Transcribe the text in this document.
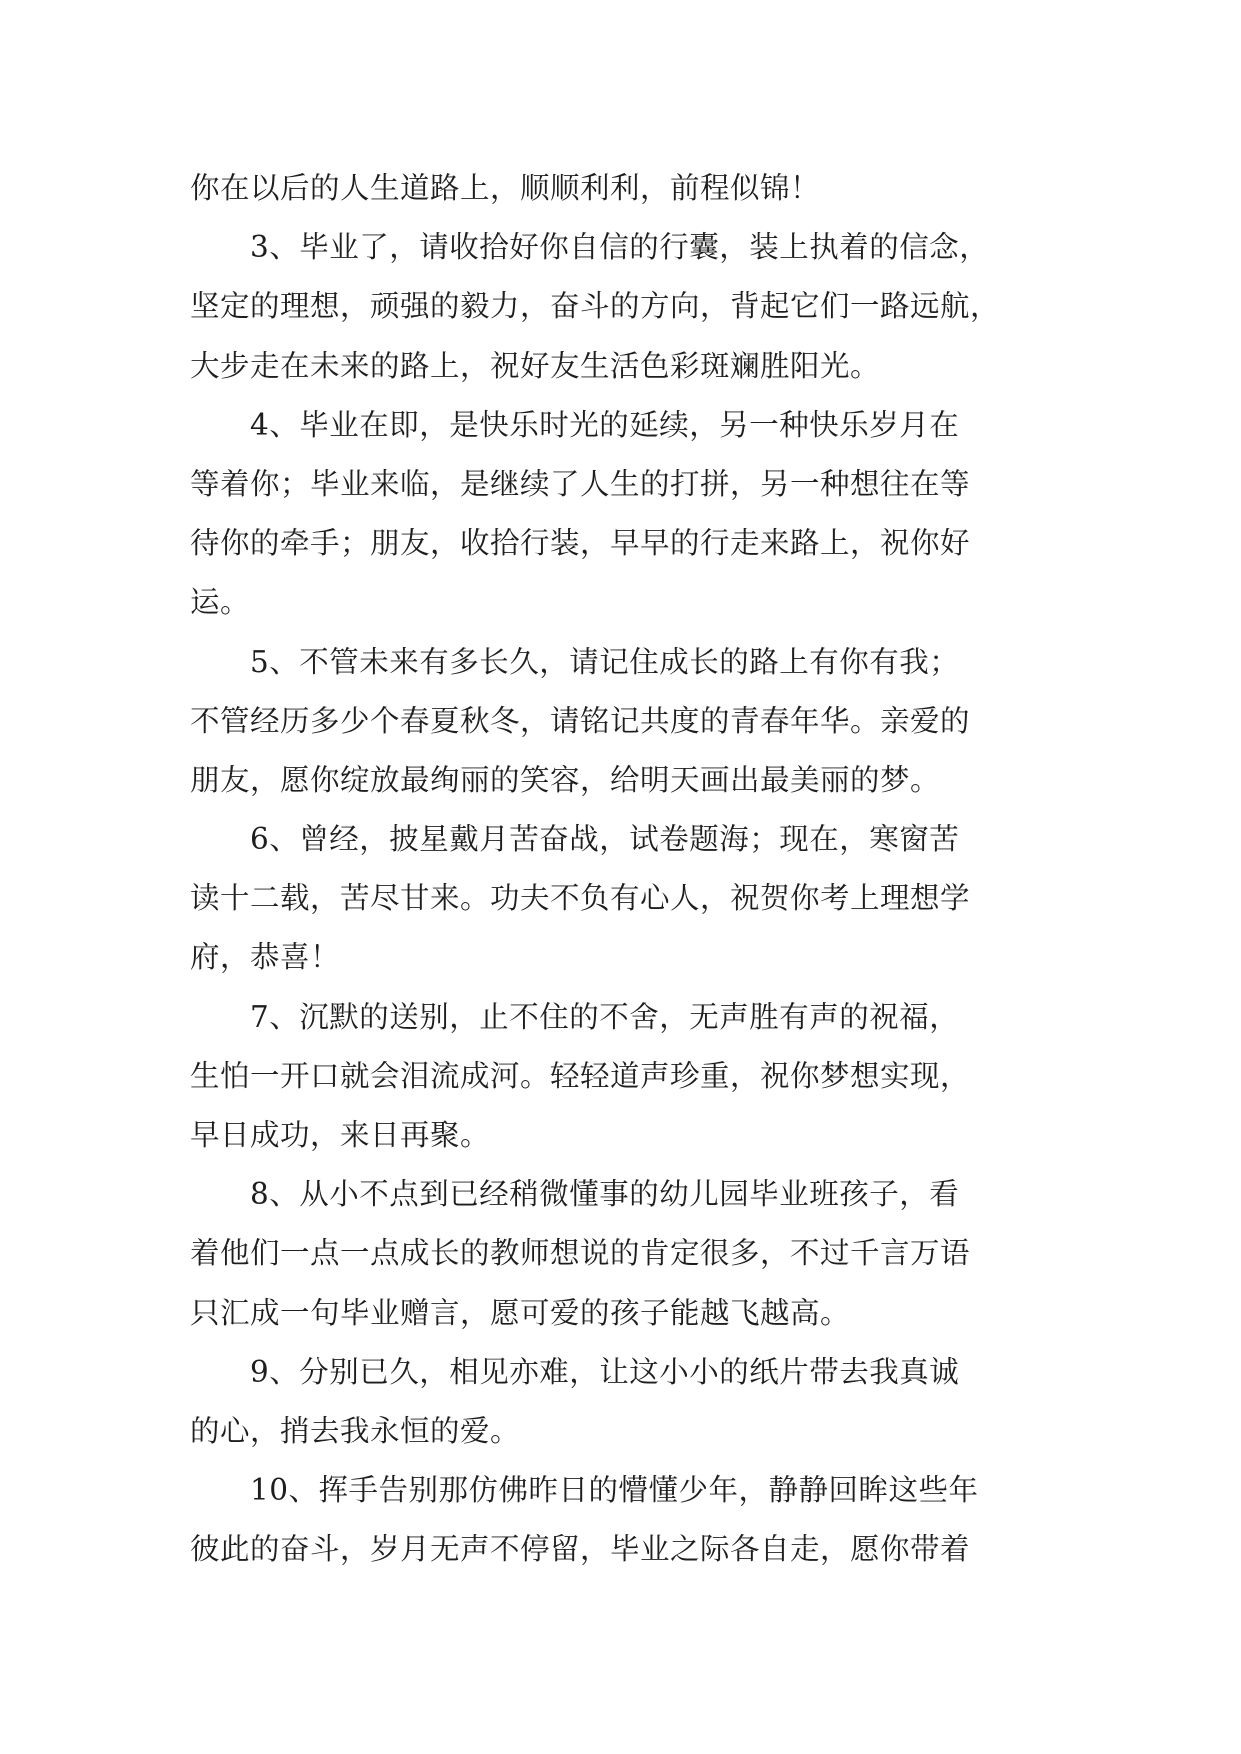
你在以后的人生道路上，顺顺利利，前程似锦！
3、毕业了，请收拾好你自信的行囊，装上执着的信念，
坚定的理想，顽强的毅力，奋斗的方向，背起它们一路远航，
大步走在未来的路上，祝好友生活色彩斑斓胜阳光。
4、毕业在即，是快乐时光的延续，另一种快乐岁月在
等着你；毕业来临，是继续了人生的打拼，另一种想往在等
待你的牵手；朋友，收拾行装，早早的行走来路上，祝你好
运。
5、不管未来有多长久，请记住成长的路上有你有我；
不管经历多少个春夏秋冬，请铭记共度的青春年华。亲爱的
朋友，愿你绽放最绚丽的笑容，给明天画出最美丽的梦。
6、曾经，披星戴月苦奋战，试卷题海；现在，寒窗苦
读十二载，苦尽甘来。功夫不负有心人，祝贺你考上理想学
府，恭喜！
7、沉默的送别，止不住的不舍，无声胜有声的祝福，
生怕一开口就会泪流成河。轻轻道声珍重，祝你梦想实现，
早日成功，来日再聚。
8、从小不点到已经稍微懂事的幼儿园毕业班孩子，看
着他们一点一点成长的教师想说的肯定很多，不过千言万语
只汇成一句毕业赠言，愿可爱的孩子能越飞越高。
9、分别已久，相见亦难，让这小小的纸片带去我真诚
的心，捎去我永恒的爱。
10、挥手告别那仿佛昨日的懵懂少年，静静回眸这些年
彼此的奋斗，岁月无声不停留，毕业之际各自走，愿你带着
